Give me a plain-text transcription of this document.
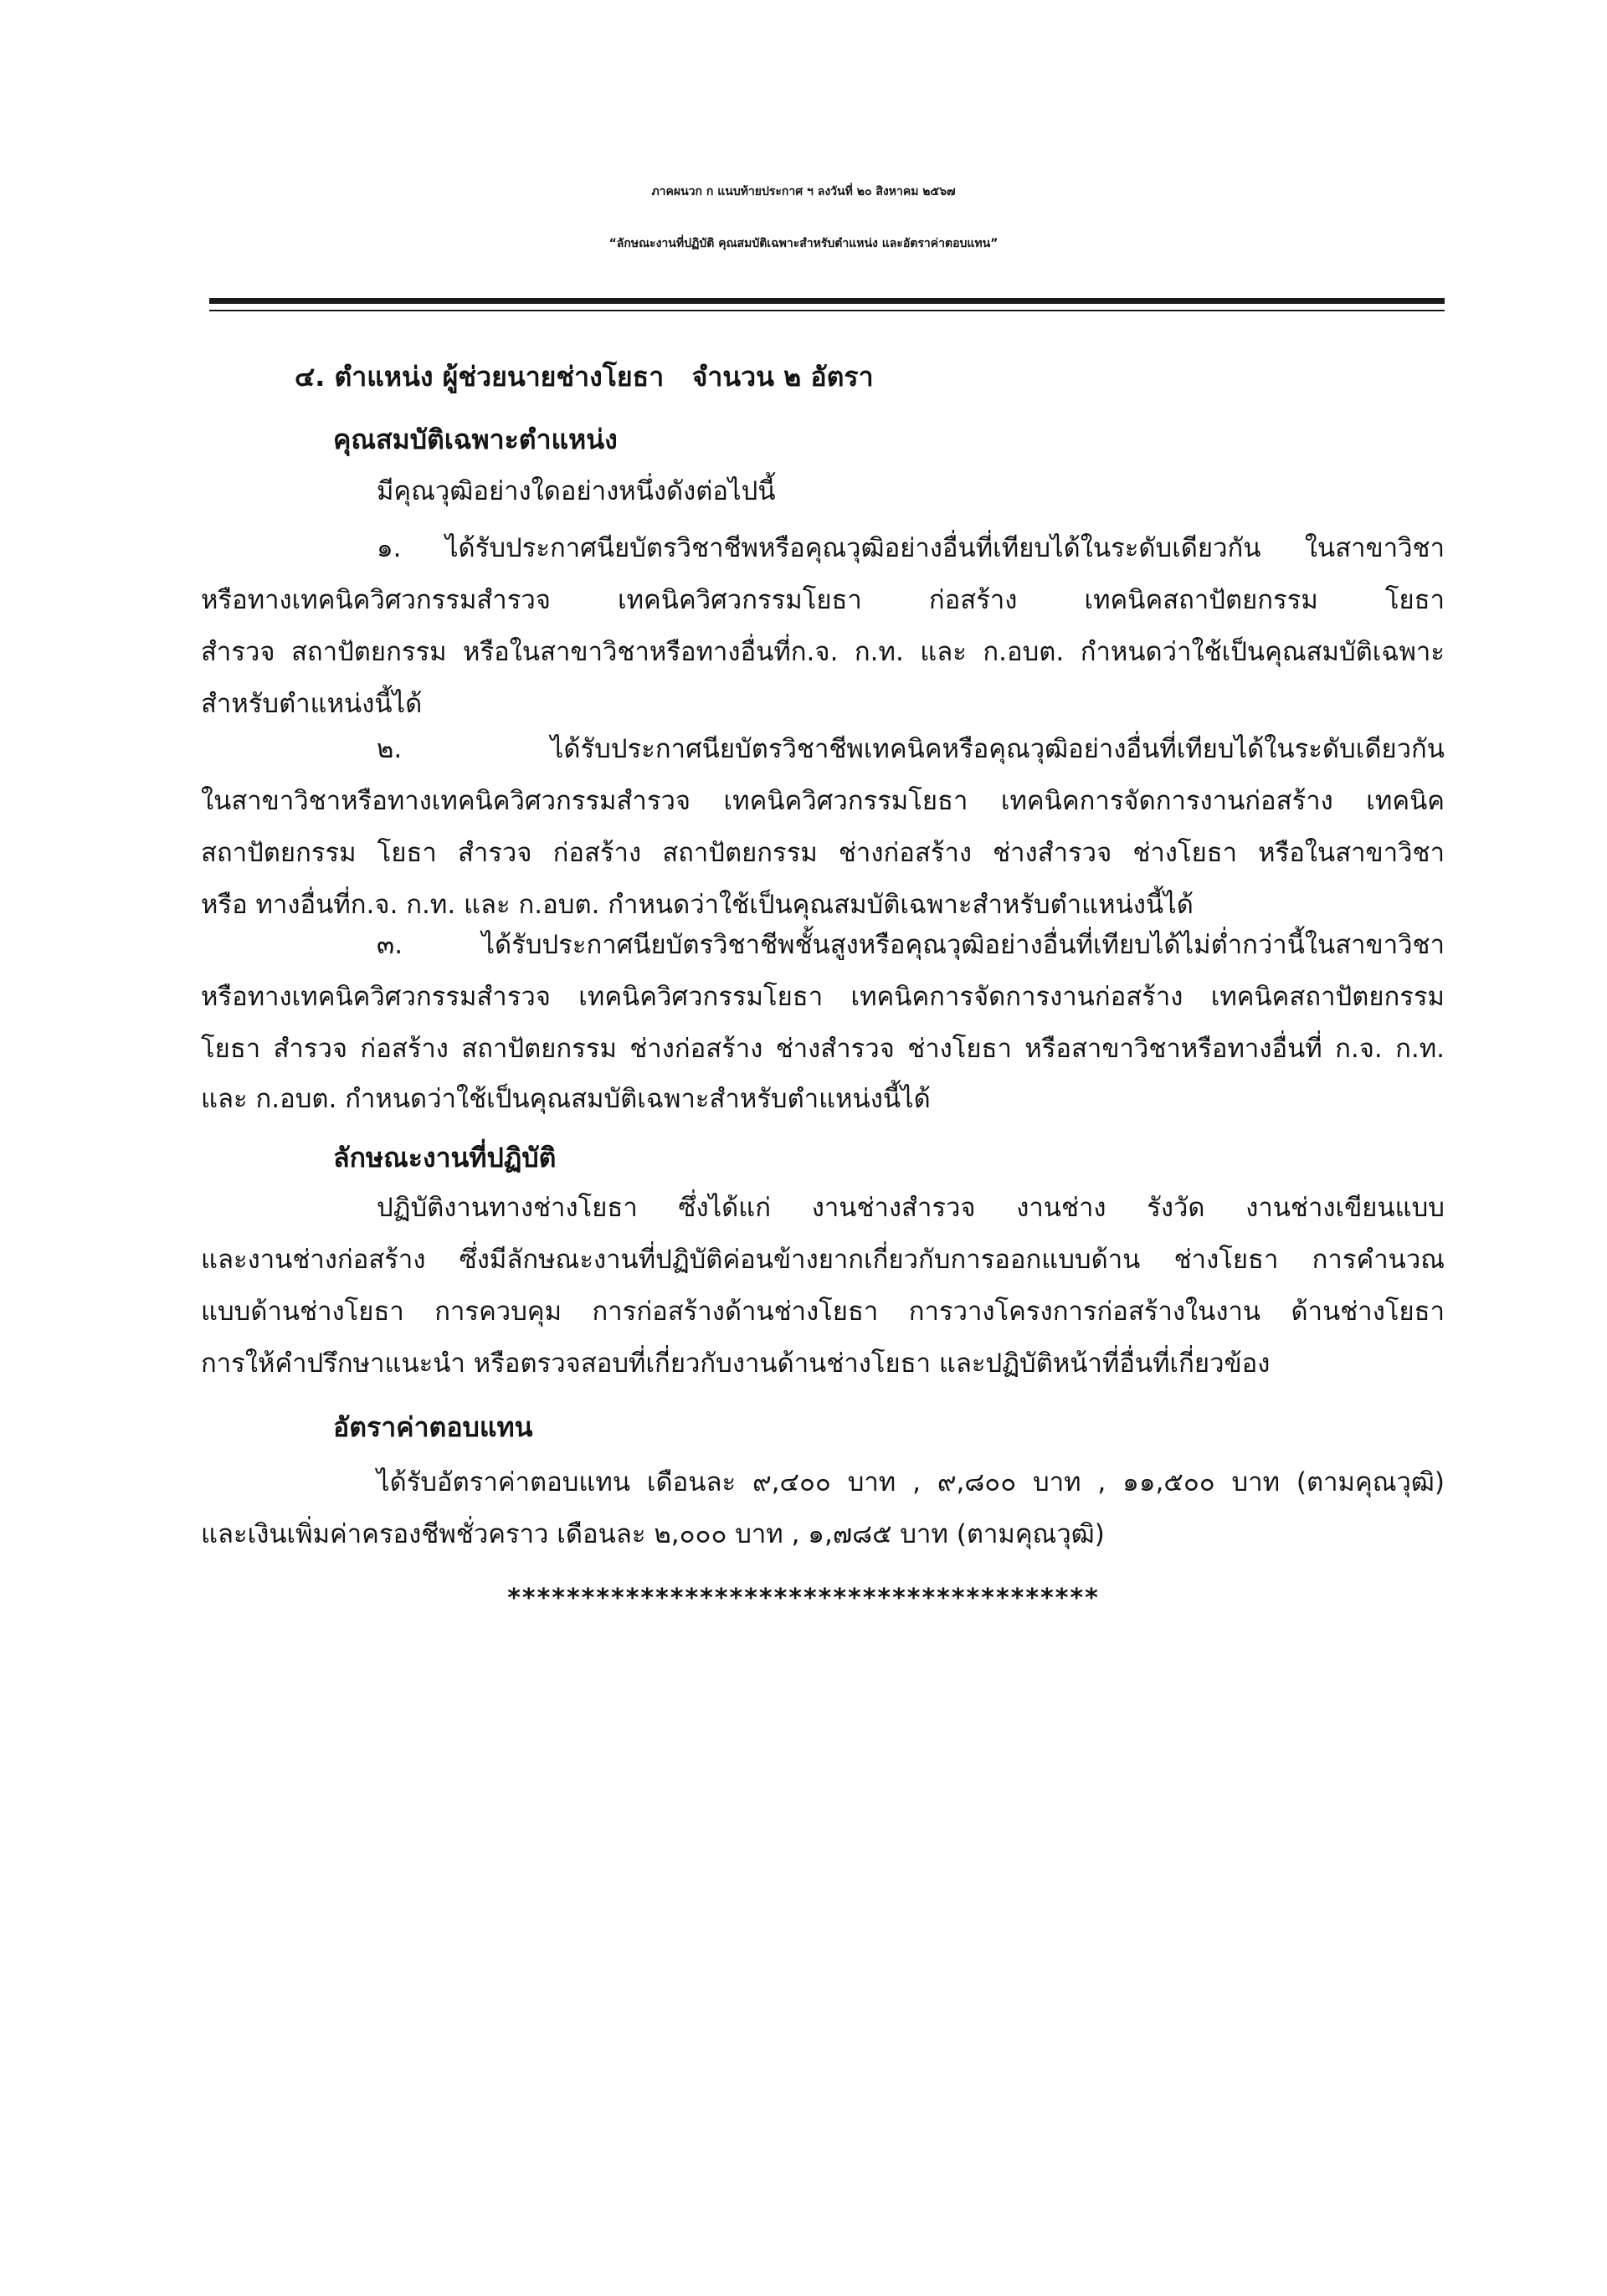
ภาคผนวก ก แนบท้ายประกาศ ฯ ลงวันที่ ๒๐ สิงหาคม ๒๕๖๗
“ลักษณะงานที่ปฏิบัติ คุณสมบัติเฉพาะสำหรับตำแหน่ง และอัตราค่าตอบแทน”
๔. ตำแหน่ง ผู้ช่วยนายช่างโยธา   จำนวน ๒ อัตรา
คุณสมบัติเฉพาะตำแหน่ง
มีคุณวุฒิอย่างใดอย่างหนึ่งดังต่อไปนี้
๑. ได้รับประกาศนียบัตรวิชาชีพหรือคุณวุฒิอย่างอื่นที่เทียบได้ในระดับเดียวกัน ในสาขาวิชา
หรือทางเทคนิควิศวกรรมสำรวจ เทคนิควิศวกรรมโยธา ก่อสร้าง เทคนิคสถาปัตยกรรม โยธา
สำรวจ สถาปัตยกรรม หรือในสาขาวิชาหรือทางอื่นที่ก.จ. ก.ท. และ ก.อบต. กำหนดว่าใช้เป็นคุณสมบัติเฉพาะ
สำหรับตำแหน่งนี้ได้
๒. ได้รับประกาศนียบัตรวิชาชีพเทคนิคหรือคุณวุฒิอย่างอื่นที่เทียบได้ในระดับเดียวกัน
ในสาขาวิชาหรือทางเทคนิควิศวกรรมสำรวจ เทคนิควิศวกรรมโยธา เทคนิคการจัดการงานก่อสร้าง เทคนิค
สถาปัตยกรรม โยธา สำรวจ ก่อสร้าง สถาปัตยกรรม ช่างก่อสร้าง ช่างสำรวจ ช่างโยธา หรือในสาขาวิชา
หรือ ทางอื่นที่ก.จ. ก.ท. และ ก.อบต. กำหนดว่าใช้เป็นคุณสมบัติเฉพาะสำหรับตำแหน่งนี้ได้
๓. ได้รับประกาศนียบัตรวิชาชีพชั้นสูงหรือคุณวุฒิอย่างอื่นที่เทียบได้ไม่ต่ำกว่านี้ในสาขาวิชา
หรือทางเทคนิควิศวกรรมสำรวจ เทคนิควิศวกรรมโยธา เทคนิคการจัดการงานก่อสร้าง เทคนิคสถาปัตยกรรม
โยธา สำรวจ ก่อสร้าง สถาปัตยกรรม ช่างก่อสร้าง ช่างสำรวจ ช่างโยธา หรือสาขาวิชาหรือทางอื่นที่ ก.จ. ก.ท.
และ ก.อบต. กำหนดว่าใช้เป็นคุณสมบัติเฉพาะสำหรับตำแหน่งนี้ได้
ลักษณะงานที่ปฏิบัติ
ปฏิบัติงานทางช่างโยธา ซึ่งได้แก่ งานช่างสำรวจ งานช่าง รังวัด งานช่างเขียนแบบ
และงานช่างก่อสร้าง ซึ่งมีลักษณะงานที่ปฏิบัติค่อนข้างยากเกี่ยวกับการออกแบบด้าน ช่างโยธา การคำนวณ
แบบด้านช่างโยธา การควบคุม การก่อสร้างด้านช่างโยธา การวางโครงการก่อสร้างในงาน ด้านช่างโยธา
การให้คำปรึกษาแนะนำ หรือตรวจสอบที่เกี่ยวกับงานด้านช่างโยธา และปฏิบัติหน้าที่อื่นที่เกี่ยวข้อง
อัตราค่าตอบแทน
ได้รับอัตราค่าตอบแทน เดือนละ ๙,๔๐๐ บาท , ๙,๘๐๐ บาท , ๑๑,๕๐๐ บาท (ตามคุณวุฒิ)
และเงินเพิ่มค่าครองชีพชั่วคราว เดือนละ ๒,๐๐๐ บาท , ๑,๗๘๕ บาท (ตามคุณวุฒิ)
****************************************
